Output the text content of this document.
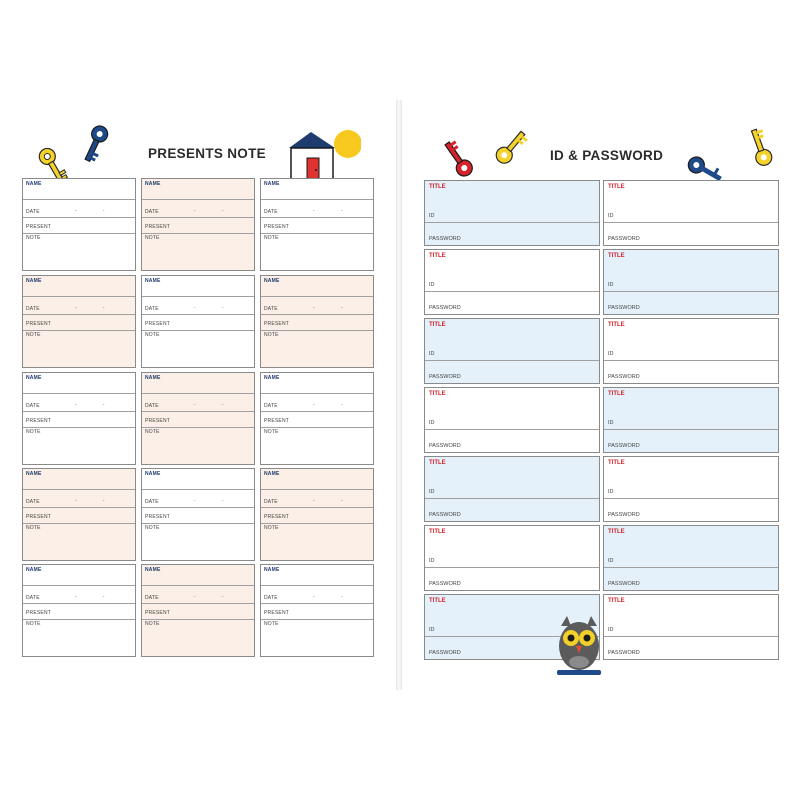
PRESENTS NOTE	ID & PASSWORD
NAME
DATE	.	.
PRESENT
NOTE
NAME
DATE	.	.
PRESENT
NOTE
NAME
DATE	.	.
PRESENT
NOTE
NAME
DATE	.	.
PRESENT
NOTE
NAME
DATE	.	.
PRESENT
NOTE
NAME
DATE	.	.
PRESENT
NOTE
NAME
DATE	.	.
PRESENT
NOTE
NAME
DATE	.	.
PRESENT
NOTE
NAME
DATE	.	.
PRESENT
NOTE
NAME
DATE	.	.
PRESENT
NOTE
NAME
DATE	.	.
PRESENT
NOTE
NAME
DATE	.	.
PRESENT
NOTE
NAME
DATE	.	.
PRESENT
NOTE
NAME
DATE	.	.
PRESENT
NOTE
NAME
DATE	.	.
PRESENT
NOTE
TITLE
ID
PASSWORD
TITLE
ID
PASSWORD
TITLE
ID
PASSWORD
TITLE
ID
PASSWORD
TITLE
ID
PASSWORD
TITLE
ID
PASSWORD
TITLE
ID
PASSWORD
TITLE
ID
PASSWORD
TITLE
ID
PASSWORD
TITLE
ID
PASSWORD
TITLE
ID
PASSWORD
TITLE
ID
PASSWORD
TITLE
ID
PASSWORD
TITLE
ID
PASSWORD
